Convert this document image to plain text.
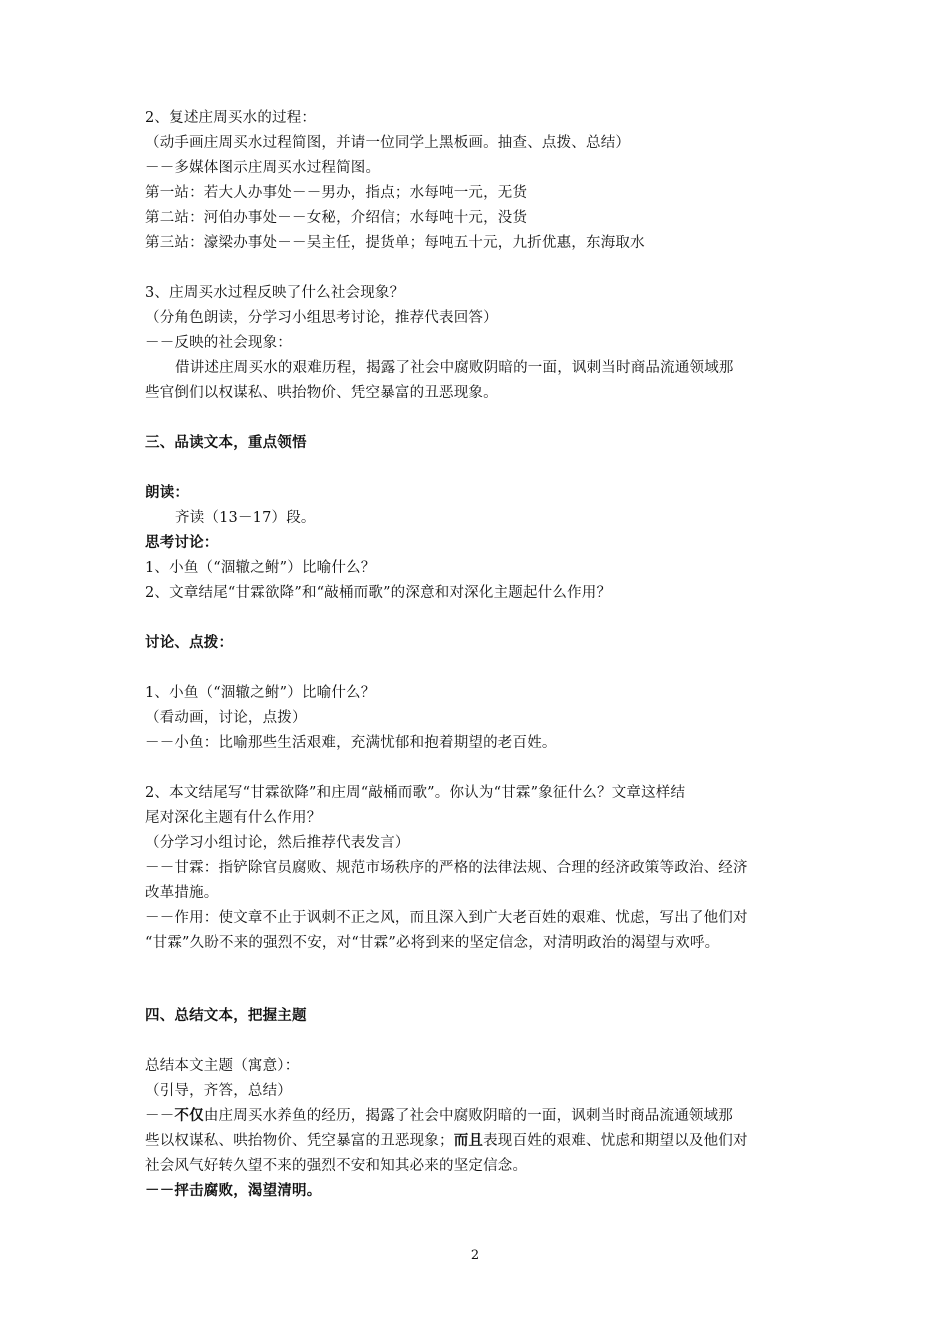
2、复述庄周买水的过程：
（动手画庄周买水过程简图，并请一位同学上黑板画。抽查、点拨、总结）
－－多媒体图示庄周买水过程简图。
第一站：若大人办事处－－男办，指点；水每吨一元，无货
第二站：河伯办事处－－女秘，介绍信；水每吨十元，没货
第三站：濠梁办事处－－吴主任，提货单；每吨五十元，九折优惠，东海取水
3、庄周买水过程反映了什么社会现象？
（分角色朗读，分学习小组思考讨论，推荐代表回答）
－－反映的社会现象：
借讲述庄周买水的艰难历程，揭露了社会中腐败阴暗的一面，讽刺当时商品流通领域那
些官倒们以权谋私、哄抬物价、凭空暴富的丑恶现象。
三、品读文本，重点领悟
朗读：
齐读（13－17）段。
思考讨论：
1、小鱼（“涸辙之鲋”）比喻什么？
2、文章结尾“甘霖欲降”和“敲桶而歌”的深意和对深化主题起什么作用？
讨论、点拨：
1、小鱼（“涸辙之鲋”）比喻什么？
（看动画，讨论，点拨）
－－小鱼：比喻那些生活艰难，充满忧郁和抱着期望的老百姓。
2、本文结尾写“甘霖欲降”和庄周“敲桶而歌”。你认为“甘霖”象征什么？文章这样结
尾对深化主题有什么作用？
（分学习小组讨论，然后推荐代表发言）
－－甘霖：指铲除官员腐败、规范市场秩序的严格的法律法规、合理的经济政策等政治、经济
改革措施。
－－作用：使文章不止于讽刺不正之风，而且深入到广大老百姓的艰难、忧虑，写出了他们对
“甘霖”久盼不来的强烈不安，对“甘霖”必将到来的坚定信念，对清明政治的渴望与欢呼。
四、总结文本，把握主题
总结本文主题（寓意）：
（引导，齐答，总结）
－－不仅由庄周买水养鱼的经历，揭露了社会中腐败阴暗的一面，讽刺当时商品流通领域那
些以权谋私、哄抬物价、凭空暴富的丑恶现象；而且表现百姓的艰难、忧虑和期望以及他们对
社会风气好转久望不来的强烈不安和知其必来的坚定信念。
－－抨击腐败，渴望清明。
2
